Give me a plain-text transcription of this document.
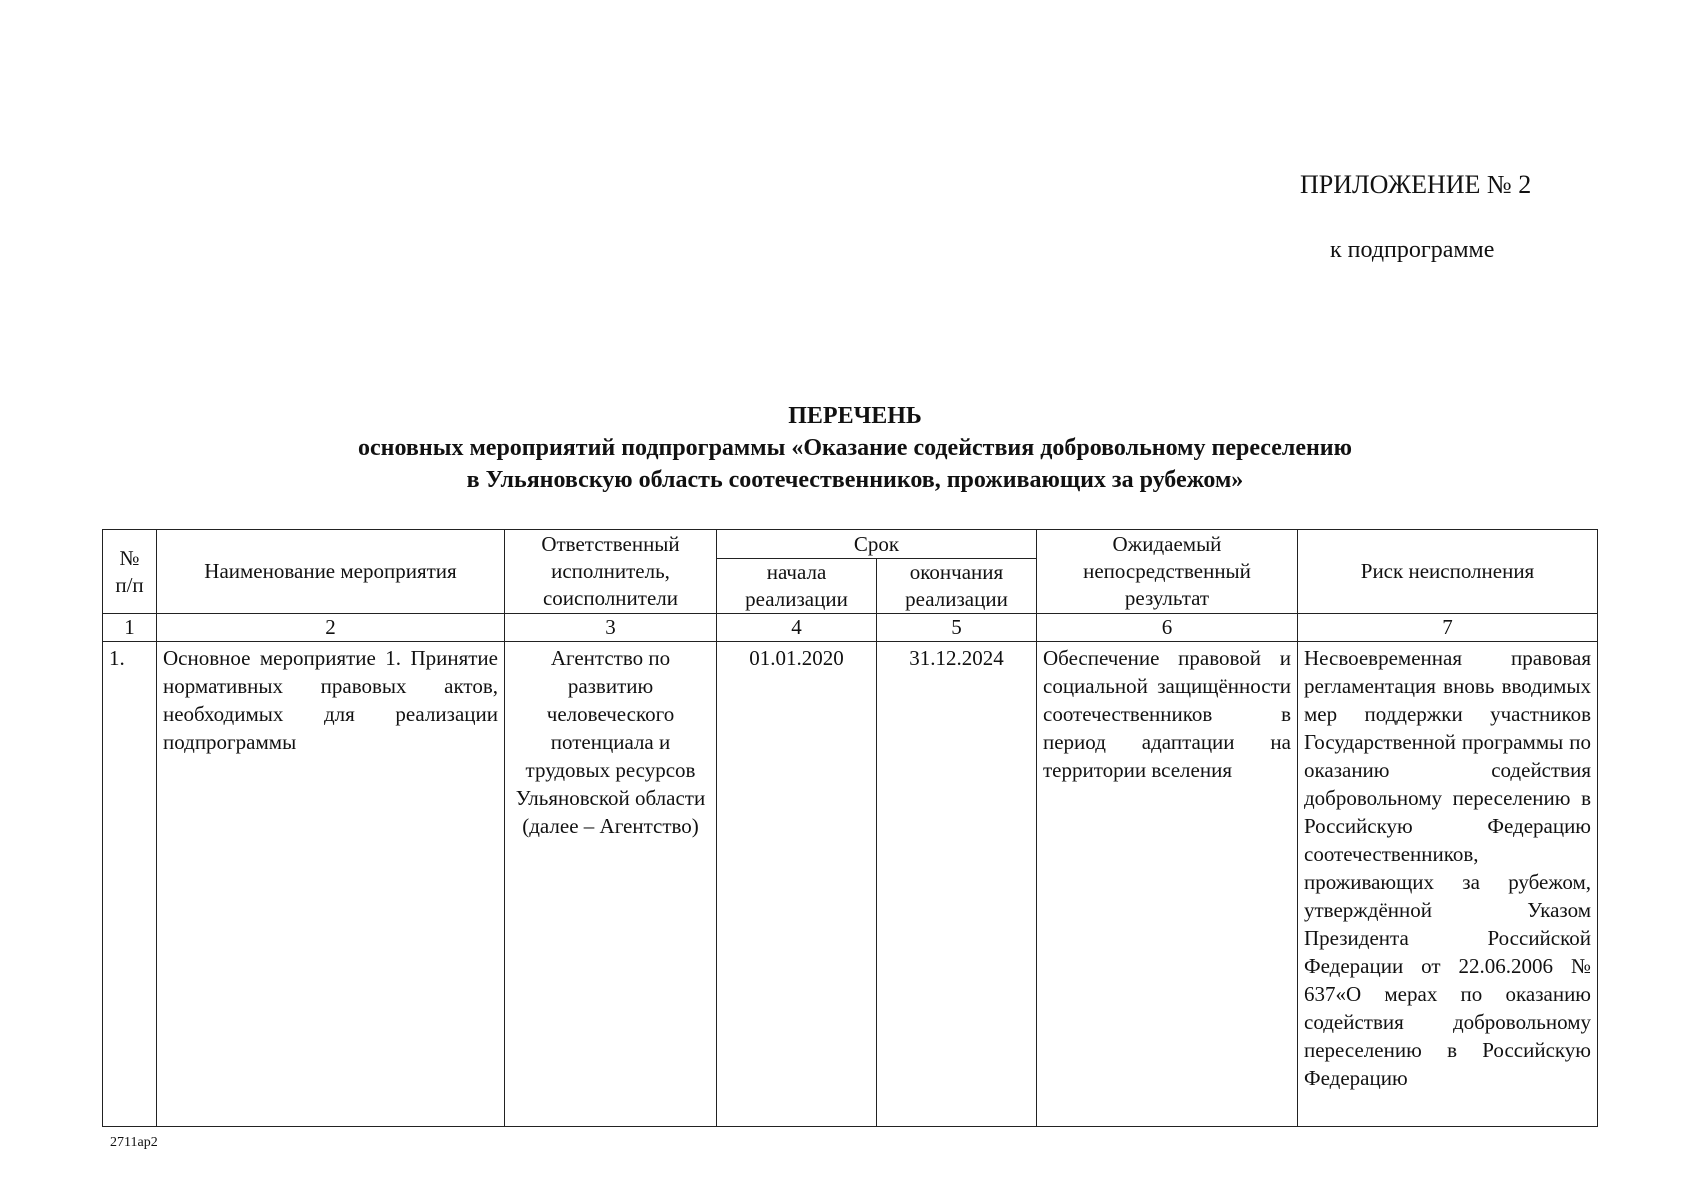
ПРИЛОЖЕНИЕ № 2
к подпрограмме
ПЕРЕЧЕНЬ
основных мероприятий подпрограммы «Оказание содействия добровольному переселению
в Ульяновскую область соотечественников, проживающих за рубежом»
№ п/п	Наименование мероприятия	Ответственный исполнитель, соисполнители	Срок		Ожидаемый непосредственный результат	Риск неисполнения
			начала реализации	окончания реализации		
1	2	3	4	5	6	7
1.	Основное мероприятие 1. Принятие нормативных правовых актов, необходимых для реализации подпрограммы	Агентство по развитию человеческого потенциала и трудовых ресурсов Ульяновской области (далее – Агентство)	01.01.2020	31.12.2024	Обеспечение правовой и социальной защищённости соотечественников в период адаптации на территории вселения	Несвоевременная правовая регламентация вновь вводимых мер поддержки участников Государственной программы по оказанию содействия добровольному переселению в Российскую Федерацию соотечественников, проживающих за рубежом, утверждённой Указом Президента Российской Федерации от 22.06.2006 № 637«О мерах по оказанию содействия добровольному переселению в Российскую Федерацию
2711ap2
